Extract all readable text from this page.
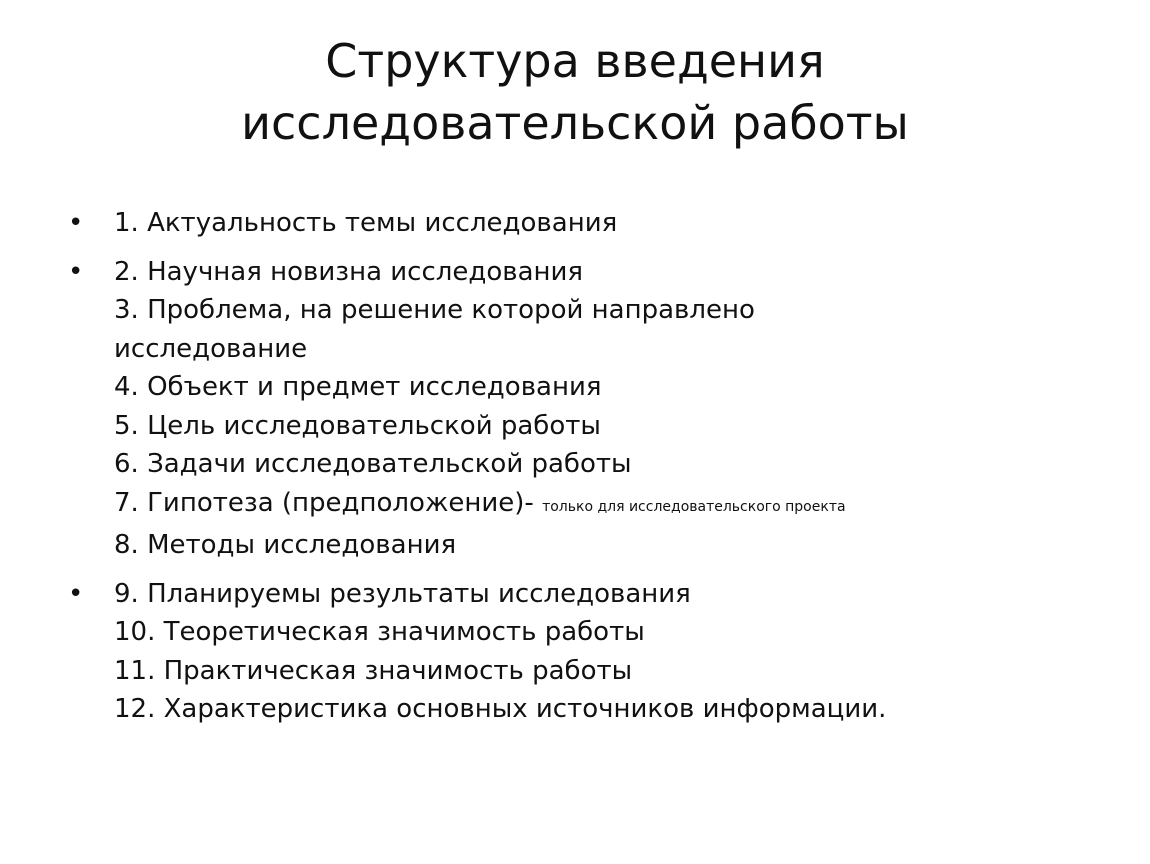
Структура введения
исследовательской работы
• 1. Актуальность темы исследования
• 2. Научная новизна исследования
3. Проблема, на решение которой направлено
исследование
4. Объект и предмет исследования
5. Цель исследовательской работы
6. Задачи исследовательской работы
7. Гипотеза (предположение)- только для исследовательского проекта
8. Методы исследования
• 9. Планируемы результаты исследования
10. Теоретическая значимость работы
11. Практическая значимость работы
12. Характеристика основных источников информации.
